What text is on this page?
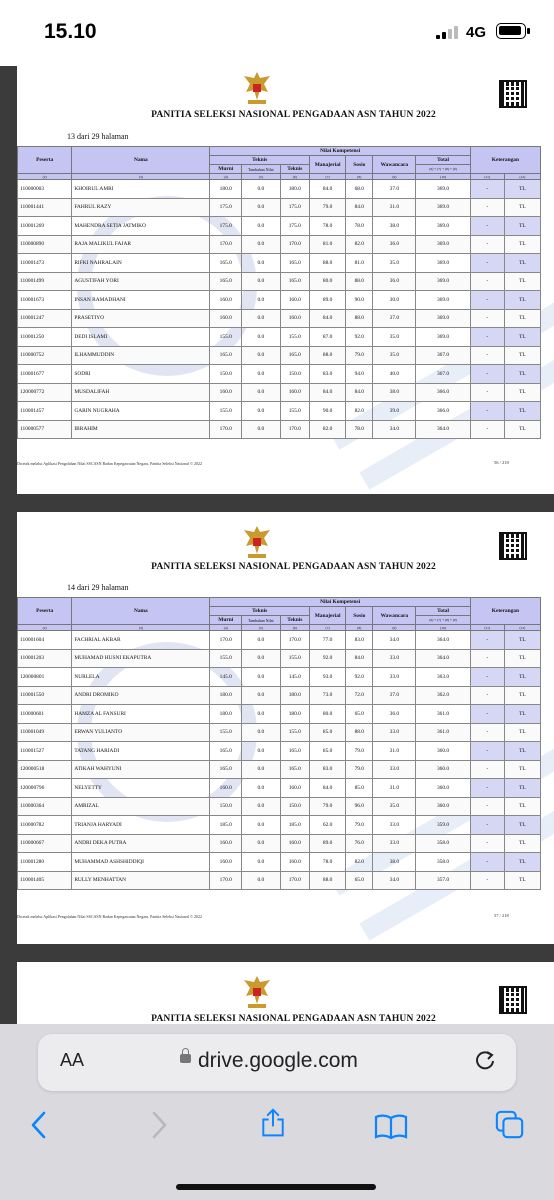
15.10	4G
PANITIA SELEKSI NASIONAL PENGADAAN ASN TAHUN 2022
13 dari 29 halaman
Peserta	Nama	Nilai Kompetensi							Keterangan	
		Teknis			Manajerial	Sosio	Wawancara	Total		
		Murni	Tambahan Nilai	Teknis				(6) + (7) + (8) + (9)		
(2)	(3)	(4)	(5)	(6)	(7)	(8)	(9)	(10)	(11)	(12)
110000003	KHOIRUL AMRI	180.0	0.0	180.0	84.0	68.0	37.0	369.0	-	TL
110001441	FAHRUL RAZY	175.0	0.0	175.0	79.0	84.0	31.0	369.0	-	TL
110001269	MAHENDRA SETIA JATMIKO	175.0	0.0	175.0	78.0	78.0	38.0	369.0	-	TL
110000890	RAJA MALIKUL FAJAR	170.0	0.0	170.0	81.0	82.0	36.0	369.0	-	TL
110001473	RIFKI NAHRALAIN	165.0	0.0	165.0	88.0	81.0	35.0	369.0	-	TL
110001499	AGUSTIFAH YORI	165.0	0.0	165.0	80.0	88.0	36.0	369.0	-	TL
110001673	INSAN RAMADHANI	160.0	0.0	160.0	89.0	90.0	30.0	369.0	-	TL
110001247	PRASETIYO	160.0	0.0	160.0	84.0	88.0	37.0	369.0	-	TL
110001250	DEDI ISLAMI	155.0	0.0	155.0	87.0	92.0	35.0	369.0	-	TL
110000752	ILHAMMUDDIN	165.0	0.0	165.0	88.0	79.0	35.0	367.0	-	TL
110001677	SODRI	150.0	0.0	150.0	83.0	94.0	40.0	367.0	-	TL
120000772	MUSDALIFAH	160.0	0.0	160.0	84.0	84.0	38.0	366.0	-	TL
110001457	GARIN NUGRAHA	155.0	0.0	155.0	90.0	82.0	39.0	366.0	-	TL
110000577	IBRAHIM	170.0	0.0	170.0	82.0	78.0	34.0	364.0	-	TL
Dicetak melalui Aplikasi Pengolahan Nilai SSCASN Badan Kepegawaian Negara, Panitia Seleksi Nasional © 2022	56 / 218
PANITIA SELEKSI NASIONAL PENGADAAN ASN TAHUN 2022
14 dari 29 halaman
Peserta	Nama	Nilai Kompetensi							Keterangan	
		Teknis			Manajerial	Sosio	Wawancara	Total		
		Murni	Tambahan Nilai	Teknis				(6) + (7) + (8) + (9)		
(2)	(3)	(4)	(5)	(6)	(7)	(8)	(9)	(10)	(11)	(12)
110001604	FACHRIAL AKBAR	170.0	0.0	170.0	77.0	83.0	34.0	364.0	-	TL
110001203	MUHAMAD HUSNI EKAPUTRA	155.0	0.0	155.0	92.0	84.0	33.0	364.0	-	TL
120000801	NURLELA	145.0	0.0	145.0	93.0	92.0	33.0	363.0	-	TL
110001550	ANDRI DROMIKO	180.0	0.0	180.0	73.0	72.0	37.0	362.0	-	TL
110000601	HAMZA AL FANSURI	180.0	0.0	180.0	80.0	65.0	36.0	361.0	-	TL
110001049	ERWAN YULIANTO	155.0	0.0	155.0	85.0	88.0	33.0	361.0	-	TL
110001527	TATANG HARIADI	165.0	0.0	165.0	85.0	79.0	31.0	360.0	-	TL
120000518	ATIKAH WAHYUNI	165.0	0.0	165.0	83.0	79.0	33.0	360.0	-	TL
120000796	NELYETTY	160.0	0.0	160.0	84.0	85.0	31.0	360.0	-	TL
110000364	AMRIZAL	150.0	0.0	150.0	79.0	96.0	35.0	360.0	-	TL
110000782	TRIANJA HARYADI	185.0	0.0	185.0	62.0	79.0	33.0	359.0	-	TL
110000667	ANDRI DEKA PUTRA	160.0	0.0	160.0	89.0	76.0	33.0	358.0	-	TL
110001280	MUHAMMAD ASHSHIDDIQI	160.0	0.0	160.0	78.0	82.0	38.0	358.0	-	TL
110001405	RULLY MENHATTAN	170.0	0.0	170.0	88.0	65.0	34.0	357.0	-	TL
Dicetak melalui Aplikasi Pengolahan Nilai SSCASN Badan Kepegawaian Negara, Panitia Seleksi Nasional © 2022	57 / 218
PANITIA SELEKSI NASIONAL PENGADAAN ASN TAHUN 2022
AA	drive.google.com
